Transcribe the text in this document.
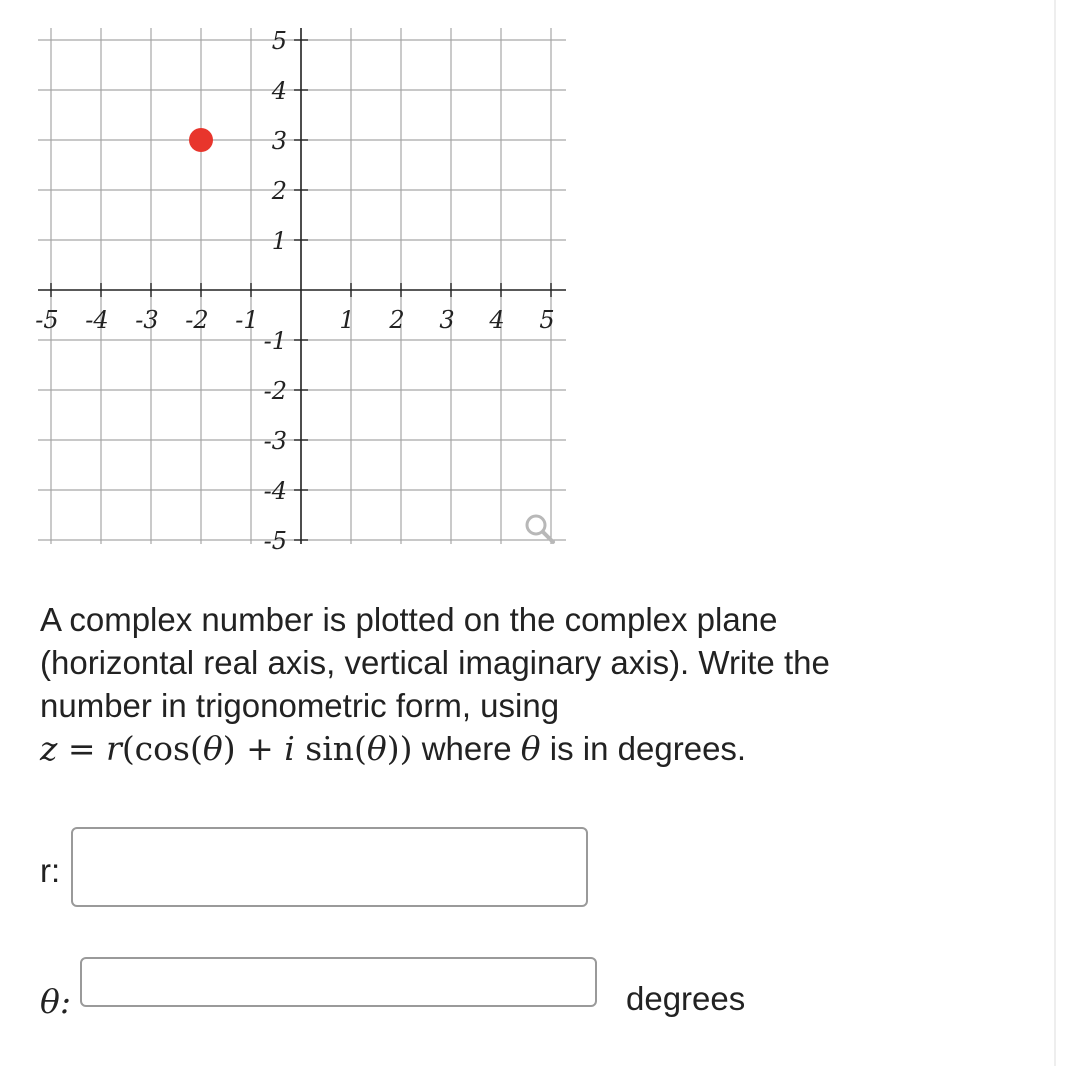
-5 -4 -3 -2 -1	1 2 3 4 5
5
4
3
2
1
-1
-2
-3
-4
-5
A complex number is plotted on the complex plane
(horizontal real axis, vertical imaginary axis). Write the
number in trigonometric form, using
z = r(cos(θ) + i sin(θ)) where θ is in degrees.
r:
θ:	degrees
